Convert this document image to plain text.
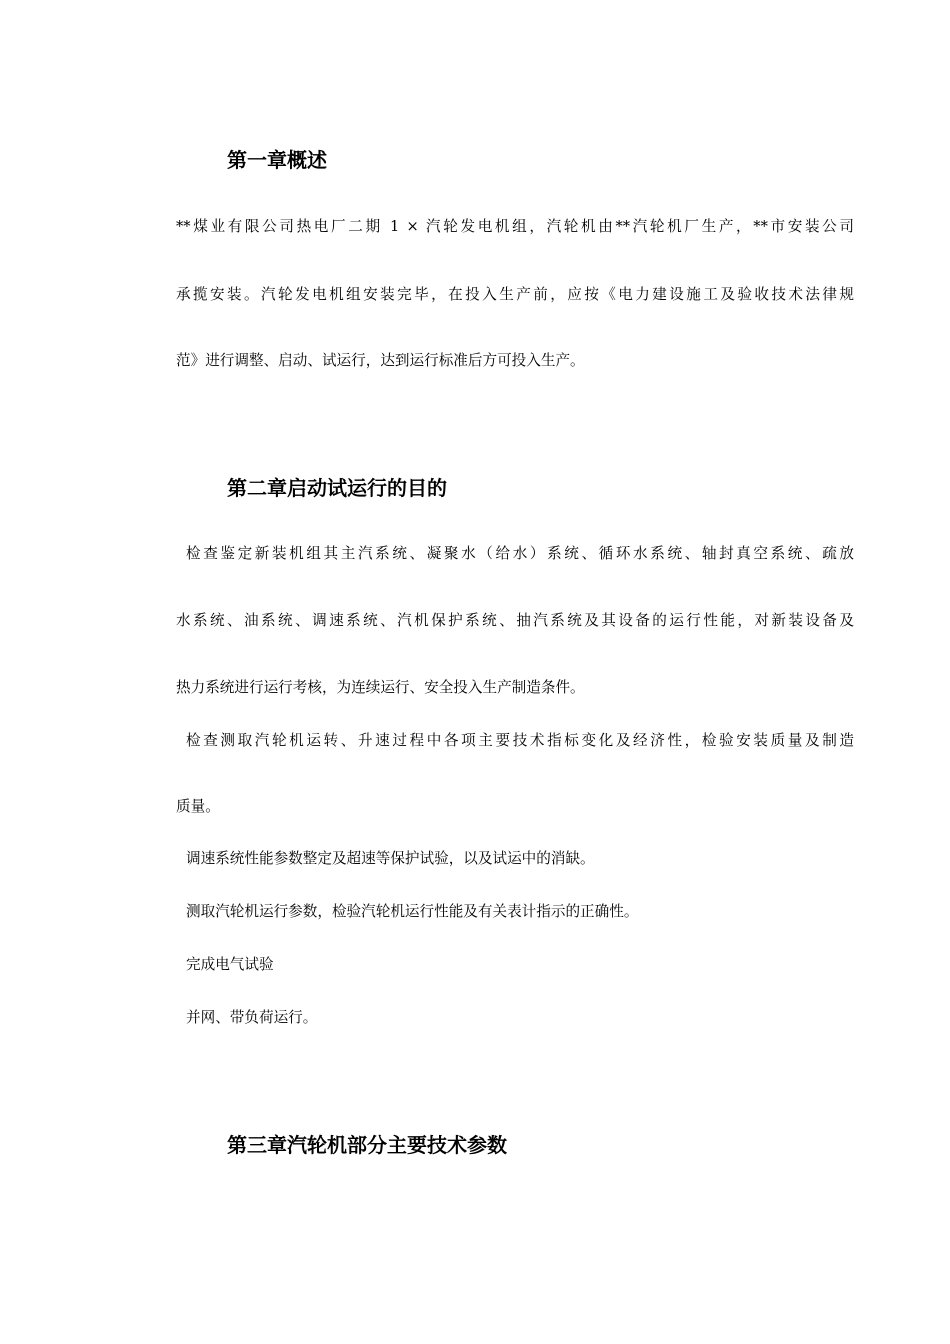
第一章概述
**煤业有限公司热电厂二期 1 × 汽轮发电机组，汽轮机由**汽轮机厂生产，**市安装公司
承揽安装。汽轮发电机组安装完毕，在投入生产前，应按《电力建设施工及验收技术法律规
范》进行调整、启动、试运行，达到运行标准后方可投入生产。
第二章启动试运行的目的
检查鉴定新装机组其主汽系统、凝聚水（给水）系统、循环水系统、轴封真空系统、疏放
水系统、油系统、调速系统、汽机保护系统、抽汽系统及其设备的运行性能，对新装设备及
热力系统进行运行考核，为连续运行、安全投入生产制造条件。
检查测取汽轮机运转、升速过程中各项主要技术指标变化及经济性，检验安装质量及制造
质量。
调速系统性能参数整定及超速等保护试验，以及试运中的消缺。
测取汽轮机运行参数，检验汽轮机运行性能及有关表计指示的正确性。
完成电气试验
并网、带负荷运行。
第三章汽轮机部分主要技术参数
